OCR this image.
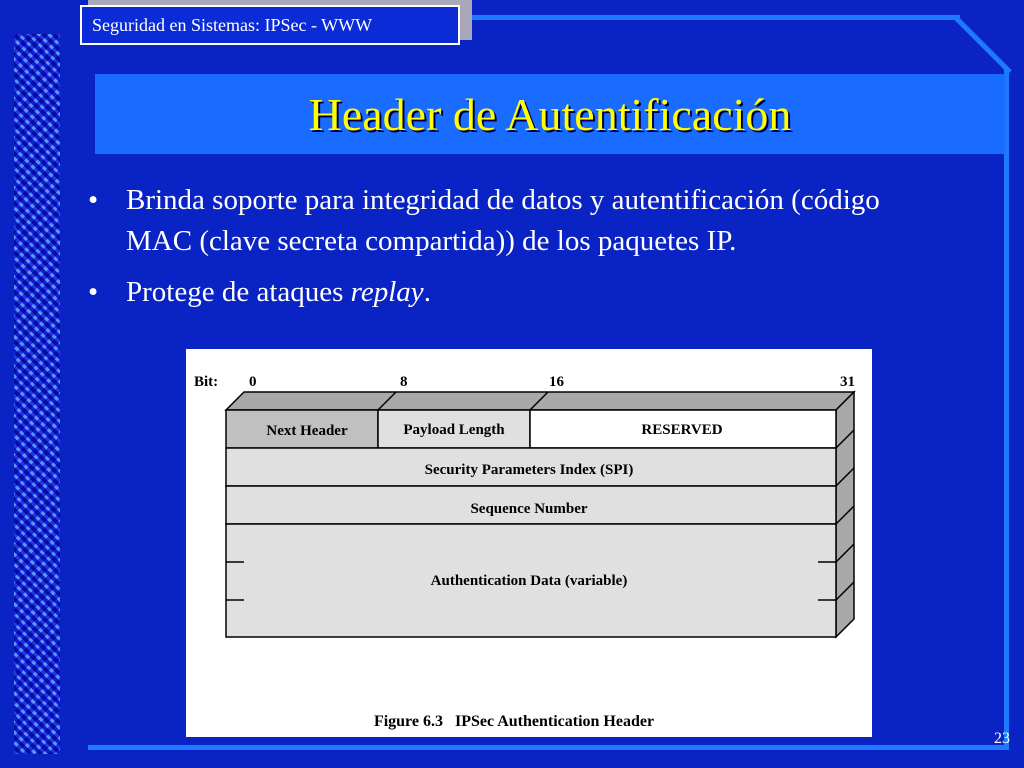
Seguridad en Sistemas: IPSec - WWW
Header de Autentificación
• Brinda soporte para integridad de datos y autentificación (código MAC (clave secreta compartida)) de los paquetes IP.
• Protege de ataques replay.
Bit: 0	8	16	31
Next Header	Payload Length	RESERVED
Security Parameters Index (SPI)
Sequence Number
Authentication Data (variable)
Figure 6.3   IPSec Authentication Header
23
